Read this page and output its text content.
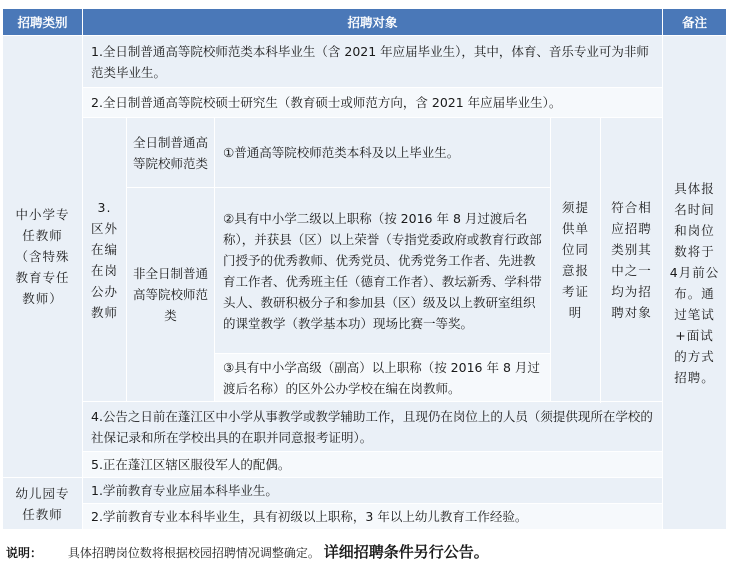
招聘类别	招聘对象					备注
中小学专任教师（含特殊教育专任教师）	1.全日制普通高等院校师范类本科毕业生（含 2021 年应届毕业生），其中，体育、音乐专业可为非师范类毕业生。					具体报名时间和岗位数将于 4月前公布。通过笔试+面试的方式招聘。
	2.全日制普通高等院校硕士研究生（教育硕士或师范方向，含 2021 年应届毕业生）。					
	3. 区外在编在岗公办教师	全日制普通高等院校师范类	①普通高等院校师范类本科及以上毕业生。	须提供单位同意报考证明	符合相应招聘类别其中之一均为招聘对象	
		非全日制普通高等院校师范类	②具有中小学二级以上职称（按 2016 年 8 月过渡后名称），并获县（区）以上荣誉（专指党委政府或教育行政部门授予的优秀教师、优秀党员、优秀党务工作者、先进教育工作者、优秀班主任（德育工作者）、教坛新秀、学科带头人、教研积极分子和参加县（区）级及以上教研室组织的课堂教学（教学基本功）现场比赛一等奖。			
			③具有中小学高级（副高）以上职称（按 2016 年 8 月过渡后名称）的区外公办学校在编在岗教师。			

	4.公告之日前在蓬江区中小学从事教学或教学辅助工作，且现仍在岗位上的人员（须提供现所在学校的社保记录和所在学校出具的在职并同意报考证明）。					
	5.正在蓬江区辖区服役军人的配偶。					
幼儿园专任教师	1.学前教育专业应届本科毕业生。					
	2.学前教育专业本科毕业生，具有初级以上职称，3 年以上幼儿教育工作经验。					
说明： 具体招聘岗位数将根据校园招聘情况调整确定。 详细招聘条件另行公告。
